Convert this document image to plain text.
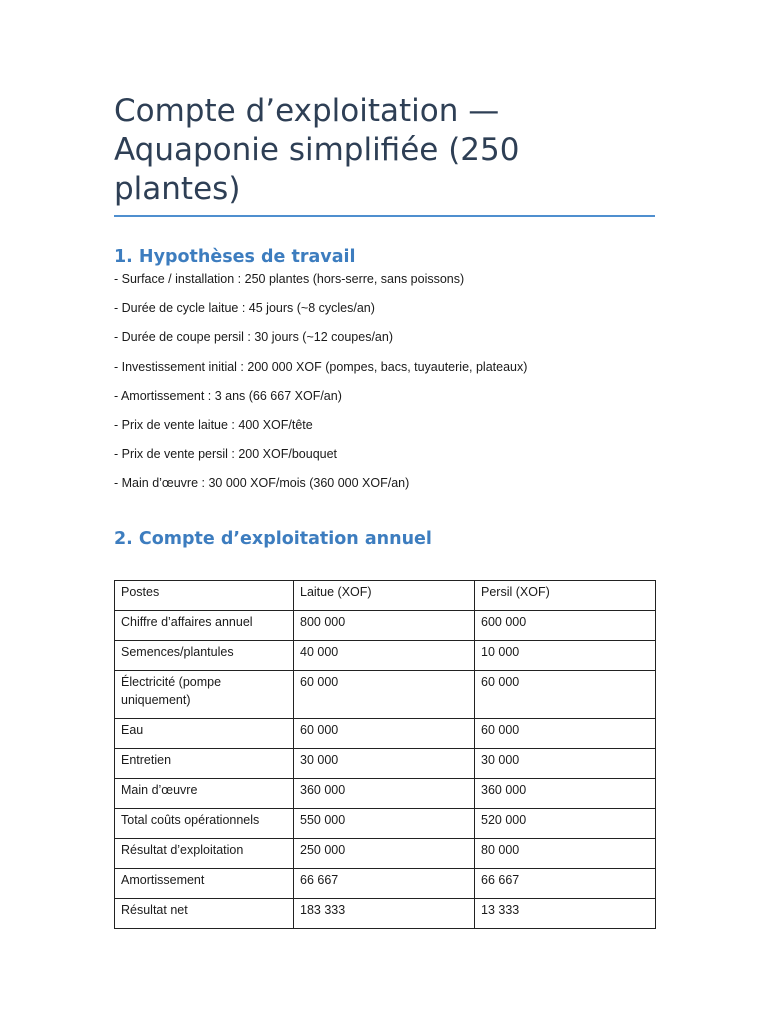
Compte d’exploitation — Aquaponie simplifiée (250 plantes)
1. Hypothèses de travail
- Surface / installation : 250 plantes (hors-serre, sans poissons)
- Durée de cycle laitue : 45 jours (~8 cycles/an)
- Durée de coupe persil : 30 jours (~12 coupes/an)
- Investissement initial : 200 000 XOF (pompes, bacs, tuyauterie, plateaux)
- Amortissement : 3 ans (66 667 XOF/an)
- Prix de vente laitue : 400 XOF/tête
- Prix de vente persil : 200 XOF/bouquet
- Main d’œuvre : 30 000 XOF/mois (360 000 XOF/an)
2. Compte d’exploitation annuel
Postes	Laitue (XOF)	Persil (XOF)
Chiffre d’affaires annuel	800 000	600 000
Semences/plantules	40 000	10 000
Électricité (pompe uniquement)	60 000	60 000
Eau	60 000	60 000
Entretien	30 000	30 000
Main d’œuvre	360 000	360 000
Total coûts opérationnels	550 000	520 000
Résultat d’exploitation	250 000	80 000
Amortissement	66 667	66 667
Résultat net	183 333	13 333
